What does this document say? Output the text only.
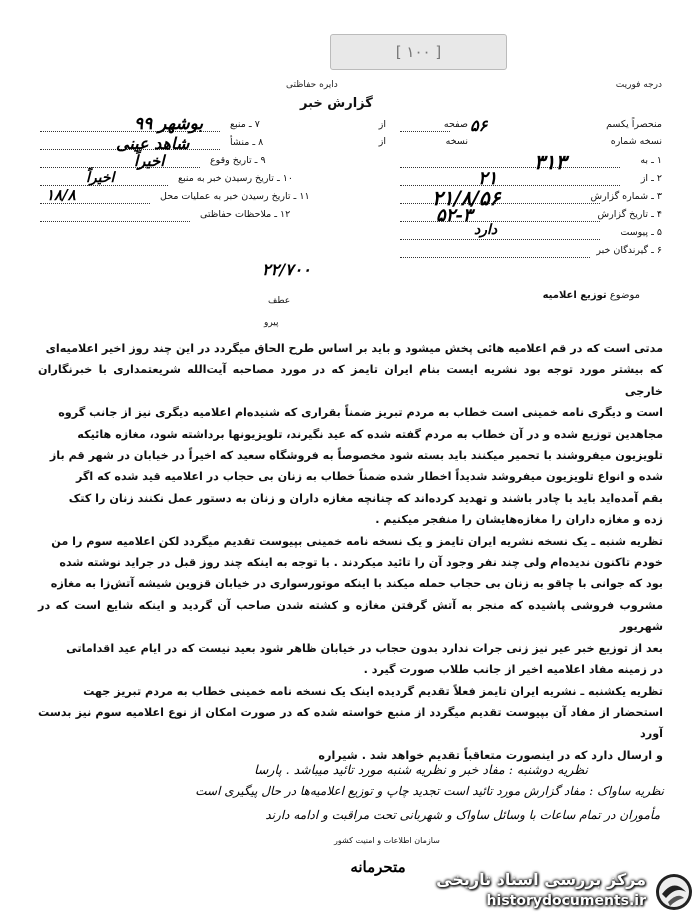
[ ۱۰۰ ]
درجه فوریت
دایره حفاظتی
گزارش خبر
منحصراً یکسم
صفحه
از
نسخه شماره
نسخه
از
۱ ـ به
۲ ـ از
۳ ـ شماره گزارش
۴ ـ تاریخ گزارش
۵ ـ پیوست
۶ ـ گیرندگان خبر
۷ ـ منبع
۸ ـ منشأ
۹ ـ تاریخ وقوع
۱۰ ـ تاریخ رسیدن خبر به منبع
۱۱ ـ تاریخ رسیدن خبر به عملیات محل
۱۲ ـ ملاحظات حفاظتی
بوشهر ۹۹
شاهد عینی
اخیراً
اخیراً
۱۸/۸
۳۱۳
۲۱
۵۶
۲۱/۸/۵۶
۵۲-۳
دارد
۲۲/۷۰۰
موضوع توزیع اعلامیه
عطف
پیرو

مدتی است که در قم اعلامیه هائی پخش میشود و باید بر اساس طرح الحاق میگردد در این چند روز اخیر اعلامیه‌ای

که بیشتر مورد توجه بود نشریه ایست بنام ایران تایمز که در مورد مصاحبه آیت‌الله شریعتمداری با خبرنگاران خارجی

است و دیگری نامه خمینی است خطاب به مردم تبریز ضمناً بقراری که شنیده‌ام اعلامیه دیگری نیز از جانب گروه

مجاهدین توزیع شده و در آن خطاب به مردم گفته شده که عید نگیرند، تلویزیونها برداشته شود، مغازه هائیکه

تلویزیون میفروشند با تحمیر میکنند باید بسته شود مخصوصاً به فروشگاه سعید که اخیراً در خیابان در شهر قم باز

شده و انواع تلویزیون میفروشد شدیداً اخطار شده ضمناً خطاب به زنان بی حجاب در اعلامیه قید شده که اگر

بقم آمده‌اید باید با چادر باشند و تهدید کرده‌اند که چنانچه مغازه داران و زنان به دستور عمل نکنند زنان را کتک

زده و مغازه داران را مغازه‌هایشان را منفجر میکنیم .

تظریه شنبه ـ یک نسخه نشریه ایران تایمز و یک نسخه نامه خمینی بپیوست تقدیم میگردد لکن اعلامیه سوم را من

خودم تاکنون ندیده‌ام ولی چند نفر وجود آن را تائید میکردند . با توجه به اینکه چند روز قبل در جراید نوشته شده

بود که جوانی با چاقو به زنان بی حجاب حمله میکند با اینکه موتورسواری در خیابان قزوین شیشه آتش‌زا به مغازه

مشروب فروشی پاشیده که منجر به آتش گرفتن مغازه و کشته شدن صاحب آن گردید و اینکه شایع است که در شهریور

بعد از توزیع خبر عیر نیز زنی جرات ندارد بدون حجاب در خیابان ظاهر شود بعید نیست که در ایام عید اقداماتی

در زمینه مفاد اعلامیه اخیر از جانب طلاب صورت گیرد .

تظریه یکشنبه ـ نشریه ایران تایمز فعلاً تقدیم گردیده اینک یک نسخه نامه خمینی خطاب به مردم تبریز جهت

استحضار از مفاد آن بپیوست تقدیم میگردد از منبع خواسته شده که در صورت امکان از نوع اعلامیه سوم نیز بدست آورد

و ارسال دارد که در اینصورت متعاقباً تقدیم خواهد شد . شیراره

نظریه دوشنبه : مفاد خبر و نظریه شنبه مورد تائید میباشد . پارسا
نظریه ساواک : مفاد گزارش مورد تائید است تجدید چاپ و توزیع اعلامیه‌ها در حال پیگیری است
مأموران در تمام ساعات با وسائل ساواک و شهربانی تحت مراقبت و ادامه دارند
سازمان اطلاعات و امنیت کشور
متحرمانه
مرکز بررسی اسناد تاریخی
historydocuments.ir
